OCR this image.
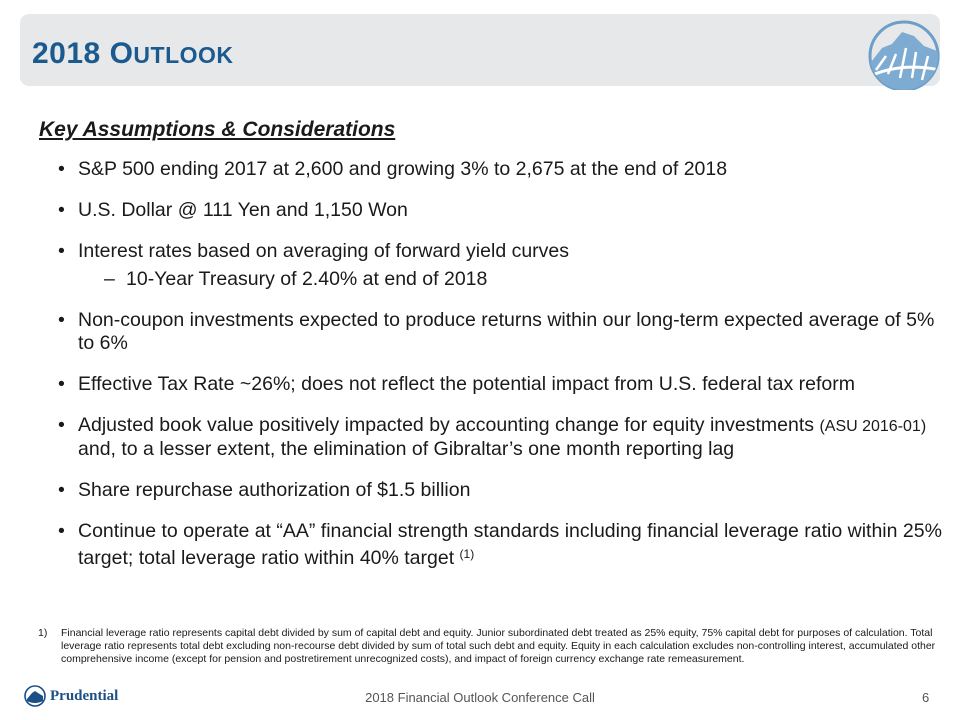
2018 OUTLOOK
Key Assumptions & Considerations
• S&P 500 ending 2017 at 2,600 and growing 3% to 2,675 at the end of 2018
• U.S. Dollar @ 111 Yen and 1,150 Won
• Interest rates based on averaging of forward yield curves
– 10-Year Treasury of 2.40% at end of 2018
• Non-coupon investments expected to produce returns within our long-term expected average of 5% to 6%
• Effective Tax Rate ~26%; does not reflect the potential impact from U.S. federal tax reform
• Adjusted book value positively impacted by accounting change for equity investments (ASU 2016-01) and, to a lesser extent, the elimination of Gibraltar’s one month reporting lag
• Share repurchase authorization of $1.5 billion
• Continue to operate at “AA” financial strength standards including financial leverage ratio within 25% target; total leverage ratio within 40% target $^{(1)}$
1)	Financial leverage ratio represents capital debt divided by sum of capital debt and equity. Junior subordinated debt treated as 25% equity, 75% capital debt for purposes of calculation. Total leverage ratio represents total debt excluding non-recourse debt divided by sum of total such debt and equity. Equity in each calculation excludes non-controlling interest, accumulated other comprehensive income (except for pension and postretirement unrecognized costs), and impact of foreign currency exchange rate remeasurement.
Prudential	2018 Financial Outlook Conference Call	6
